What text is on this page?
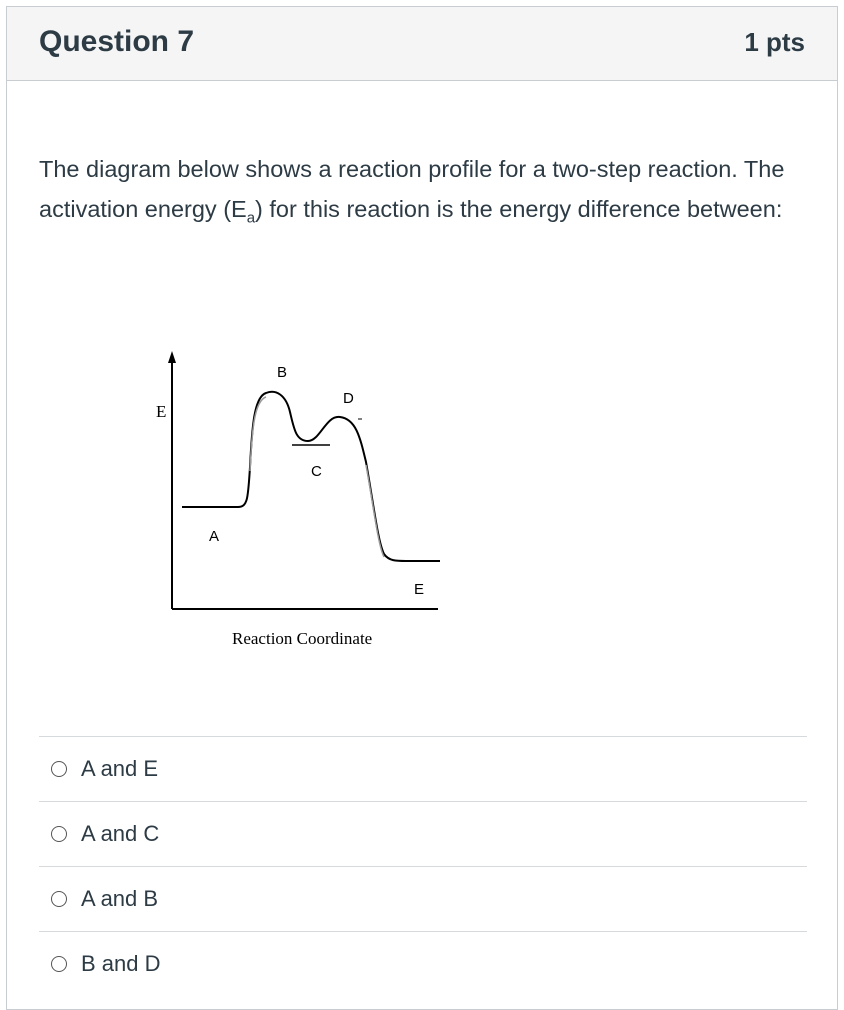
Question 7	1 pts
The diagram below shows a reaction profile for a two-step reaction. The activation energy $(E_a)$ for this reaction is the energy difference between:
E
B
D
C
A
E
Reaction Coordinate
A and E
A and C
A and B
B and D
